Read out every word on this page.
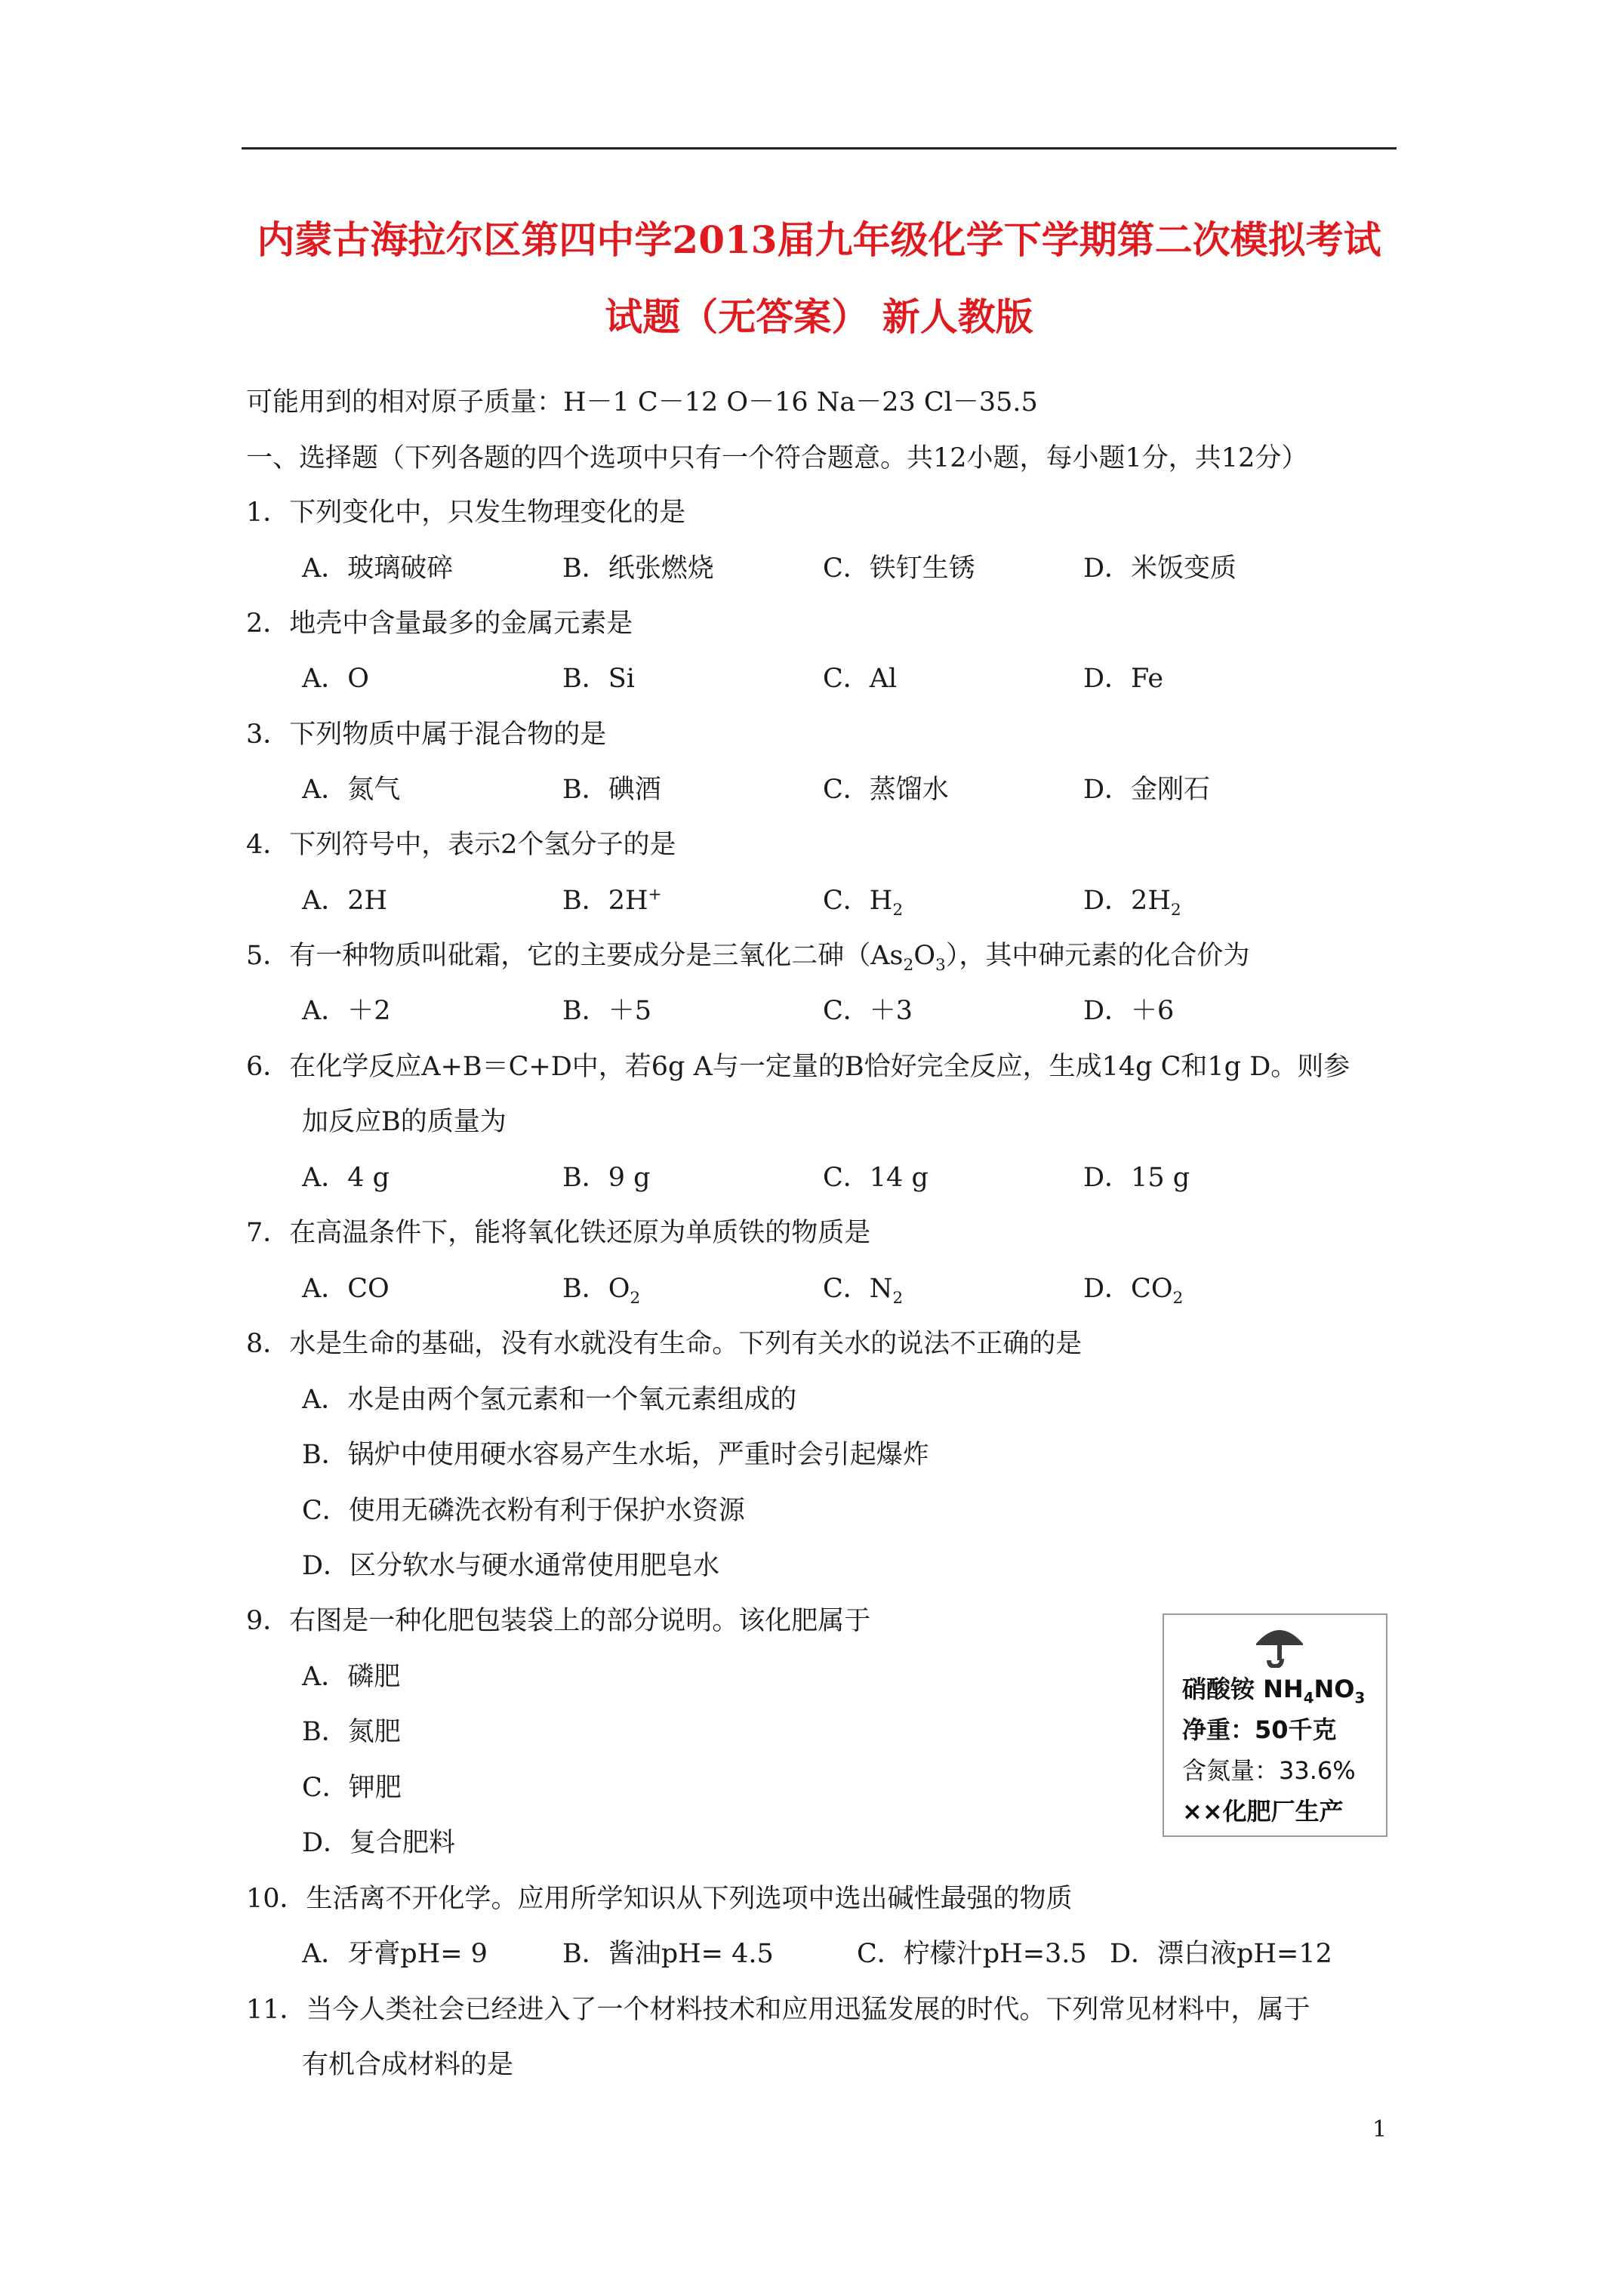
内蒙古海拉尔区第四中学2013届九年级化学下学期第二次模拟考试
试题（无答案） 新人教版
可能用到的相对原子质量：H－1 C－12 O－16 Na－23 Cl－35.5
一、选择题（下列各题的四个选项中只有一个符合题意。共12小题，每小题1分，共12分）
1．下列变化中，只发生物理变化的是
A．玻璃破碎	B．纸张燃烧	C．铁钉生锈	D．米饭变质
2．地壳中含量最多的金属元素是
A．O	B．Si	C．Al	D．Fe
3．下列物质中属于混合物的是
A．氮气	B．碘酒	C．蒸馏水	D．金刚石
4．下列符号中，表示2个氢分子的是
A．2H	B．2H+	C．$H_2$	D．$2H_2$
5．有一种物质叫砒霜，它的主要成分是三氧化二砷$(As_2O_3)$，其中砷元素的化合价为
A．＋2	B．＋5	C．＋3	D．＋6
6．在化学反应A+B＝C+D中，若6g A与一定量的B恰好完全反应，生成14g C和1g D。则参
加反应B的质量为
A．4 g	B．9 g	C．14 g	D．15 g
7．在高温条件下，能将氧化铁还原为单质铁的物质是
A．CO	B．$O_2$	C．$N_2$	D．$CO_2$
8．水是生命的基础，没有水就没有生命。下列有关水的说法不正确的是
A．水是由两个氢元素和一个氧元素组成的
B．锅炉中使用硬水容易产生水垢，严重时会引起爆炸
C．使用无磷洗衣粉有利于保护水资源
D．区分软水与硬水通常使用肥皂水
9．右图是一种化肥包装袋上的部分说明。该化肥属于
A．磷肥
B．氮肥
C．钾肥
D．复合肥料
硝酸铵 $NH_4NO_3$
净重：50千克
含氮量：33.6%
××化肥厂生产
10．生活离不开化学。应用所学知识从下列选项中选出碱性最强的物质
A．牙膏pH= 9	B．酱油pH= 4.5	C．柠檬汁pH=3.5 D．漂白液pH=12
11．当今人类社会已经进入了一个材料技术和应用迅猛发展的时代。下列常见材料中，属于
有机合成材料的是
1
